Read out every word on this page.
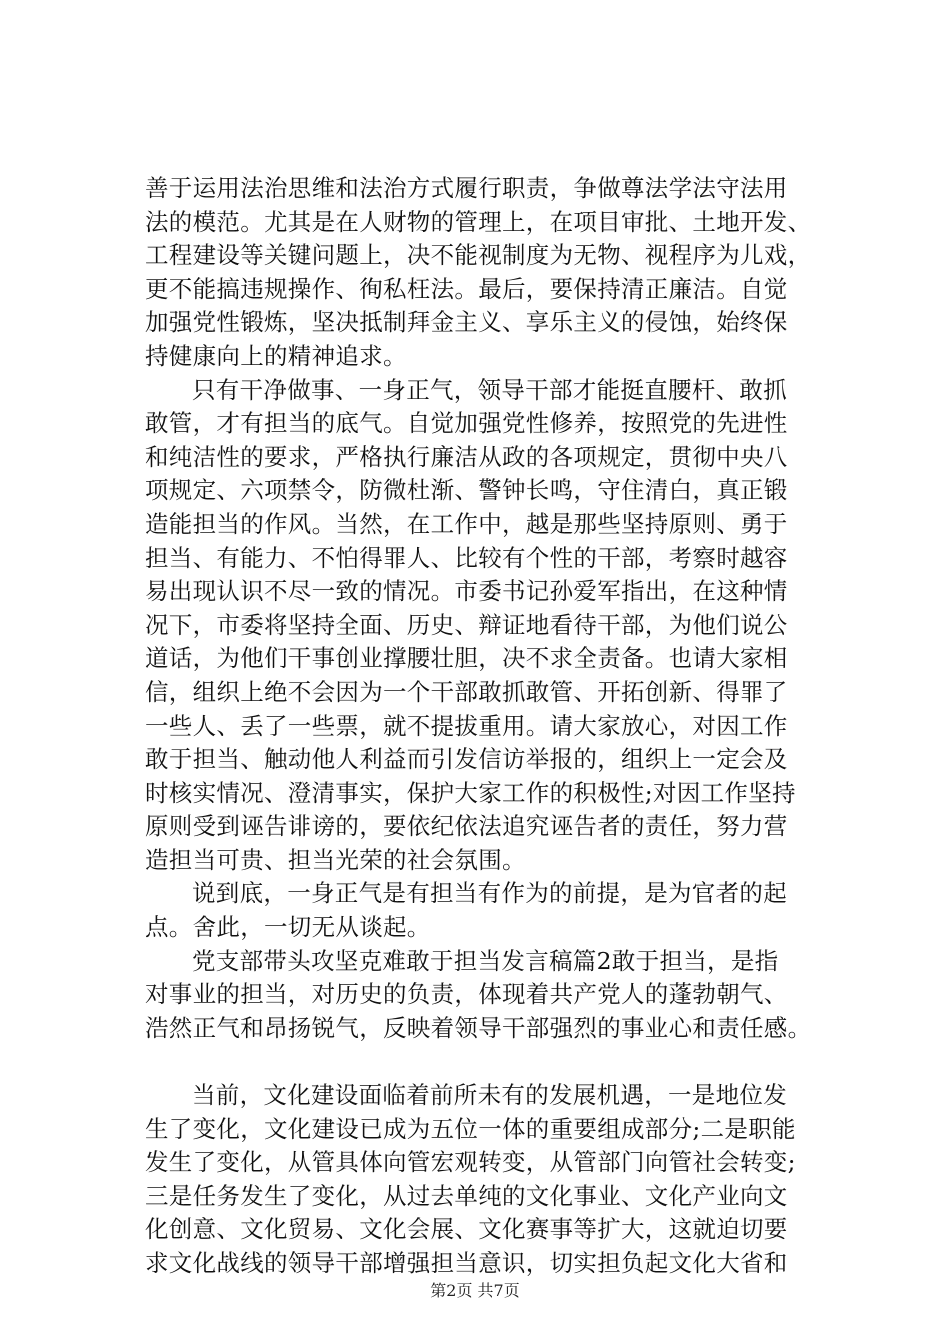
善于运用法治思维和法治方式履行职责，争做尊法学法守法用
法的模范。尤其是在人财物的管理上，在项目审批、土地开发、
工程建设等关键问题上，决不能视制度为无物、视程序为儿戏，
更不能搞违规操作、徇私枉法。最后，要保持清正廉洁。自觉
加强党性锻炼，坚决抵制拜金主义、享乐主义的侵蚀，始终保
持健康向上的精神追求。
只有干净做事、一身正气，领导干部才能挺直腰杆、敢抓
敢管，才有担当的底气。自觉加强党性修养，按照党的先进性
和纯洁性的要求，严格执行廉洁从政的各项规定，贯彻中央八
项规定、六项禁令，防微杜渐、警钟长鸣，守住清白，真正锻
造能担当的作风。当然，在工作中，越是那些坚持原则、勇于
担当、有能力、不怕得罪人、比较有个性的干部，考察时越容
易出现认识不尽一致的情况。市委书记孙爱军指出，在这种情
况下，市委将坚持全面、历史、辩证地看待干部，为他们说公
道话，为他们干事创业撑腰壮胆，决不求全责备。也请大家相
信，组织上绝不会因为一个干部敢抓敢管、开拓创新、得罪了
一些人、丢了一些票，就不提拔重用。请大家放心，对因工作
敢于担当、触动他人利益而引发信访举报的，组织上一定会及
时核实情况、澄清事实，保护大家工作的积极性;对因工作坚持
原则受到诬告诽谤的，要依纪依法追究诬告者的责任，努力营
造担当可贵、担当光荣的社会氛围。
说到底，一身正气是有担当有作为的前提，是为官者的起
点。舍此，一切无从谈起。
党支部带头攻坚克难敢于担当发言稿篇2敢于担当，是指
对事业的担当，对历史的负责，体现着共产党人的蓬勃朝气、
浩然正气和昂扬锐气，反映着领导干部强烈的事业心和责任感。
当前，文化建设面临着前所未有的发展机遇，一是地位发
生了变化，文化建设已成为五位一体的重要组成部分;二是职能
发生了变化，从管具体向管宏观转变，从管部门向管社会转变;
三是任务发生了变化，从过去单纯的文化事业、文化产业向文
化创意、文化贸易、文化会展、文化赛事等扩大，这就迫切要
求文化战线的领导干部增强担当意识，切实担负起文化大省和
第2页 共7页
